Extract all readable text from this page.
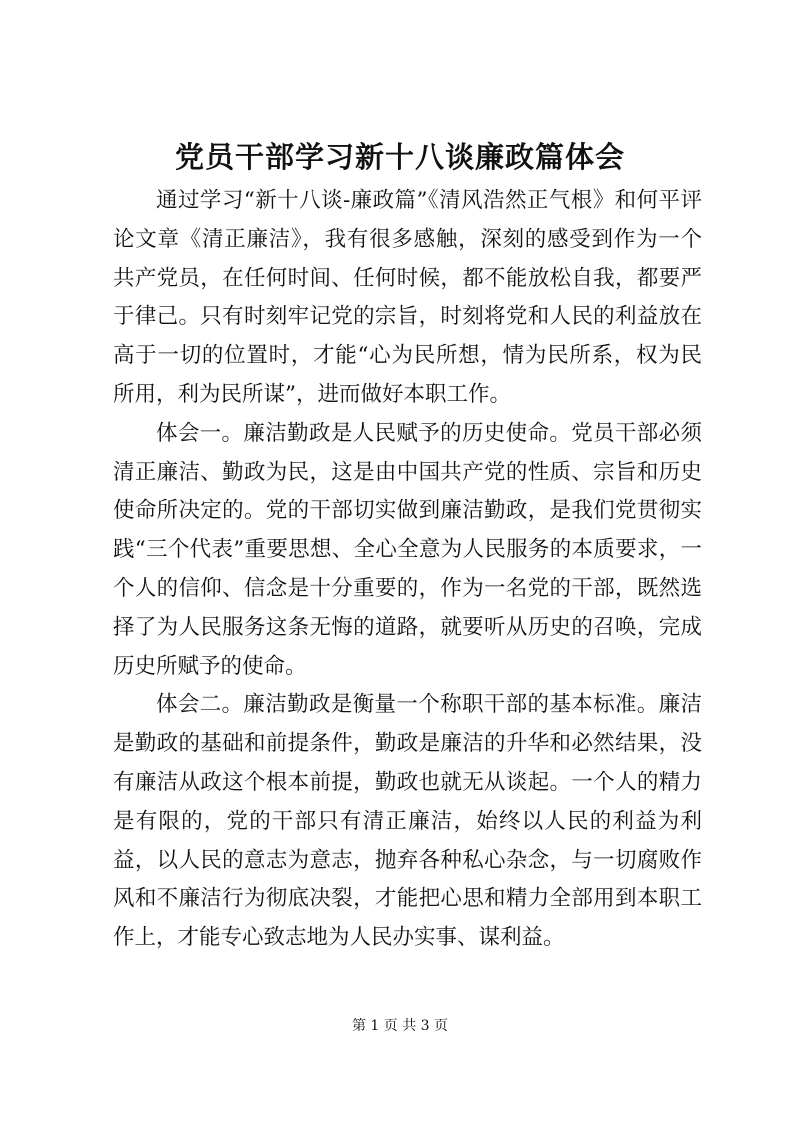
党员干部学习新十八谈廉政篇体会

通过学习“新十八谈-廉政篇”《清风浩然正气根》和何平评论文章《清正廉洁》，我有很多感触，深刻的感受到作为一个共产党员，在任何时间、任何时候，都不能放松自我，都要严于律己。只有时刻牢记党的宗旨，时刻将党和人民的利益放在高于一切的位置时，才能“心为民所想，情为民所系，权为民所用，利为民所谋”，进而做好本职工作。

体会一。廉洁勤政是人民赋予的历史使命。党员干部必须清正廉洁、勤政为民，这是由中国共产党的性质、宗旨和历史使命所决定的。党的干部切实做到廉洁勤政，是我们党贯彻实践“三个代表”重要思想、全心全意为人民服务的本质要求，一个人的信仰、信念是十分重要的，作为一名党的干部，既然选择了为人民服务这条无悔的道路，就要听从历史的召唤，完成历史所赋予的使命。

体会二。廉洁勤政是衡量一个称职干部的基本标准。廉洁是勤政的基础和前提条件，勤政是廉洁的升华和必然结果，没有廉洁从政这个根本前提，勤政也就无从谈起。一个人的精力是有限的，党的干部只有清正廉洁，始终以人民的利益为利益，以人民的意志为意志，抛弃各种私心杂念，与一切腐败作风和不廉洁行为彻底决裂，才能把心思和精力全部用到本职工作上，才能专心致志地为人民办实事、谋利益。

第 1 页 共 3 页
